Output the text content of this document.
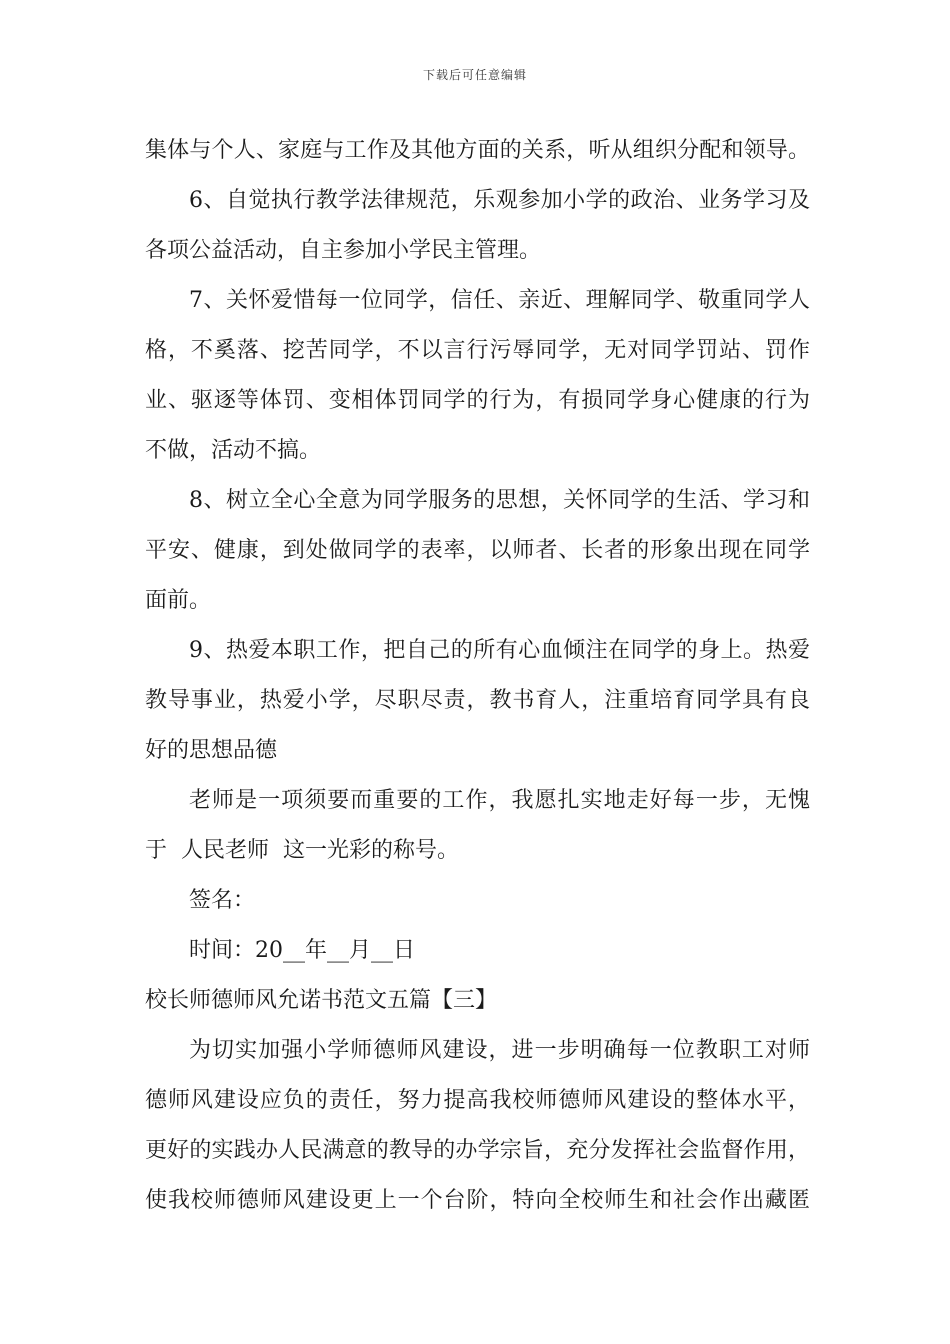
下载后可任意编辑
集体与个人、家庭与工作及其他方面的关系，听从组织分配和领导。
6、自觉执行教学法律规范，乐观参加小学的政治、业务学习及
各项公益活动，自主参加小学民主管理。
7、关怀爱惜每一位同学，信任、亲近、理解同学、敬重同学人
格，不奚落、挖苦同学，不以言行污辱同学，无对同学罚站、罚作
业、驱逐等体罚、变相体罚同学的行为，有损同学身心健康的行为
不做，活动不搞。
8、树立全心全意为同学服务的思想，关怀同学的生活、学习和
平安、健康，到处做同学的表率，以师者、长者的形象出现在同学
面前。
9、热爱本职工作，把自己的所有心血倾注在同学的身上。热爱
教导事业，热爱小学，尽职尽责，教书育人，注重培育同学具有良
好的思想品德
老师是一项须要而重要的工作，我愿扎实地走好每一步，无愧
于  人民老师  这一光彩的称号。
签名：
时间：20__年__月__日
校长师德师风允诺书范文五篇【三】
为切实加强小学师德师风建设，进一步明确每一位教职工对师
德师风建设应负的责任，努力提高我校师德师风建设的整体水平，
更好的实践办人民满意的教导的办学宗旨，充分发挥社会监督作用，
使我校师德师风建设更上一个台阶，特向全校师生和社会作出藏匿
